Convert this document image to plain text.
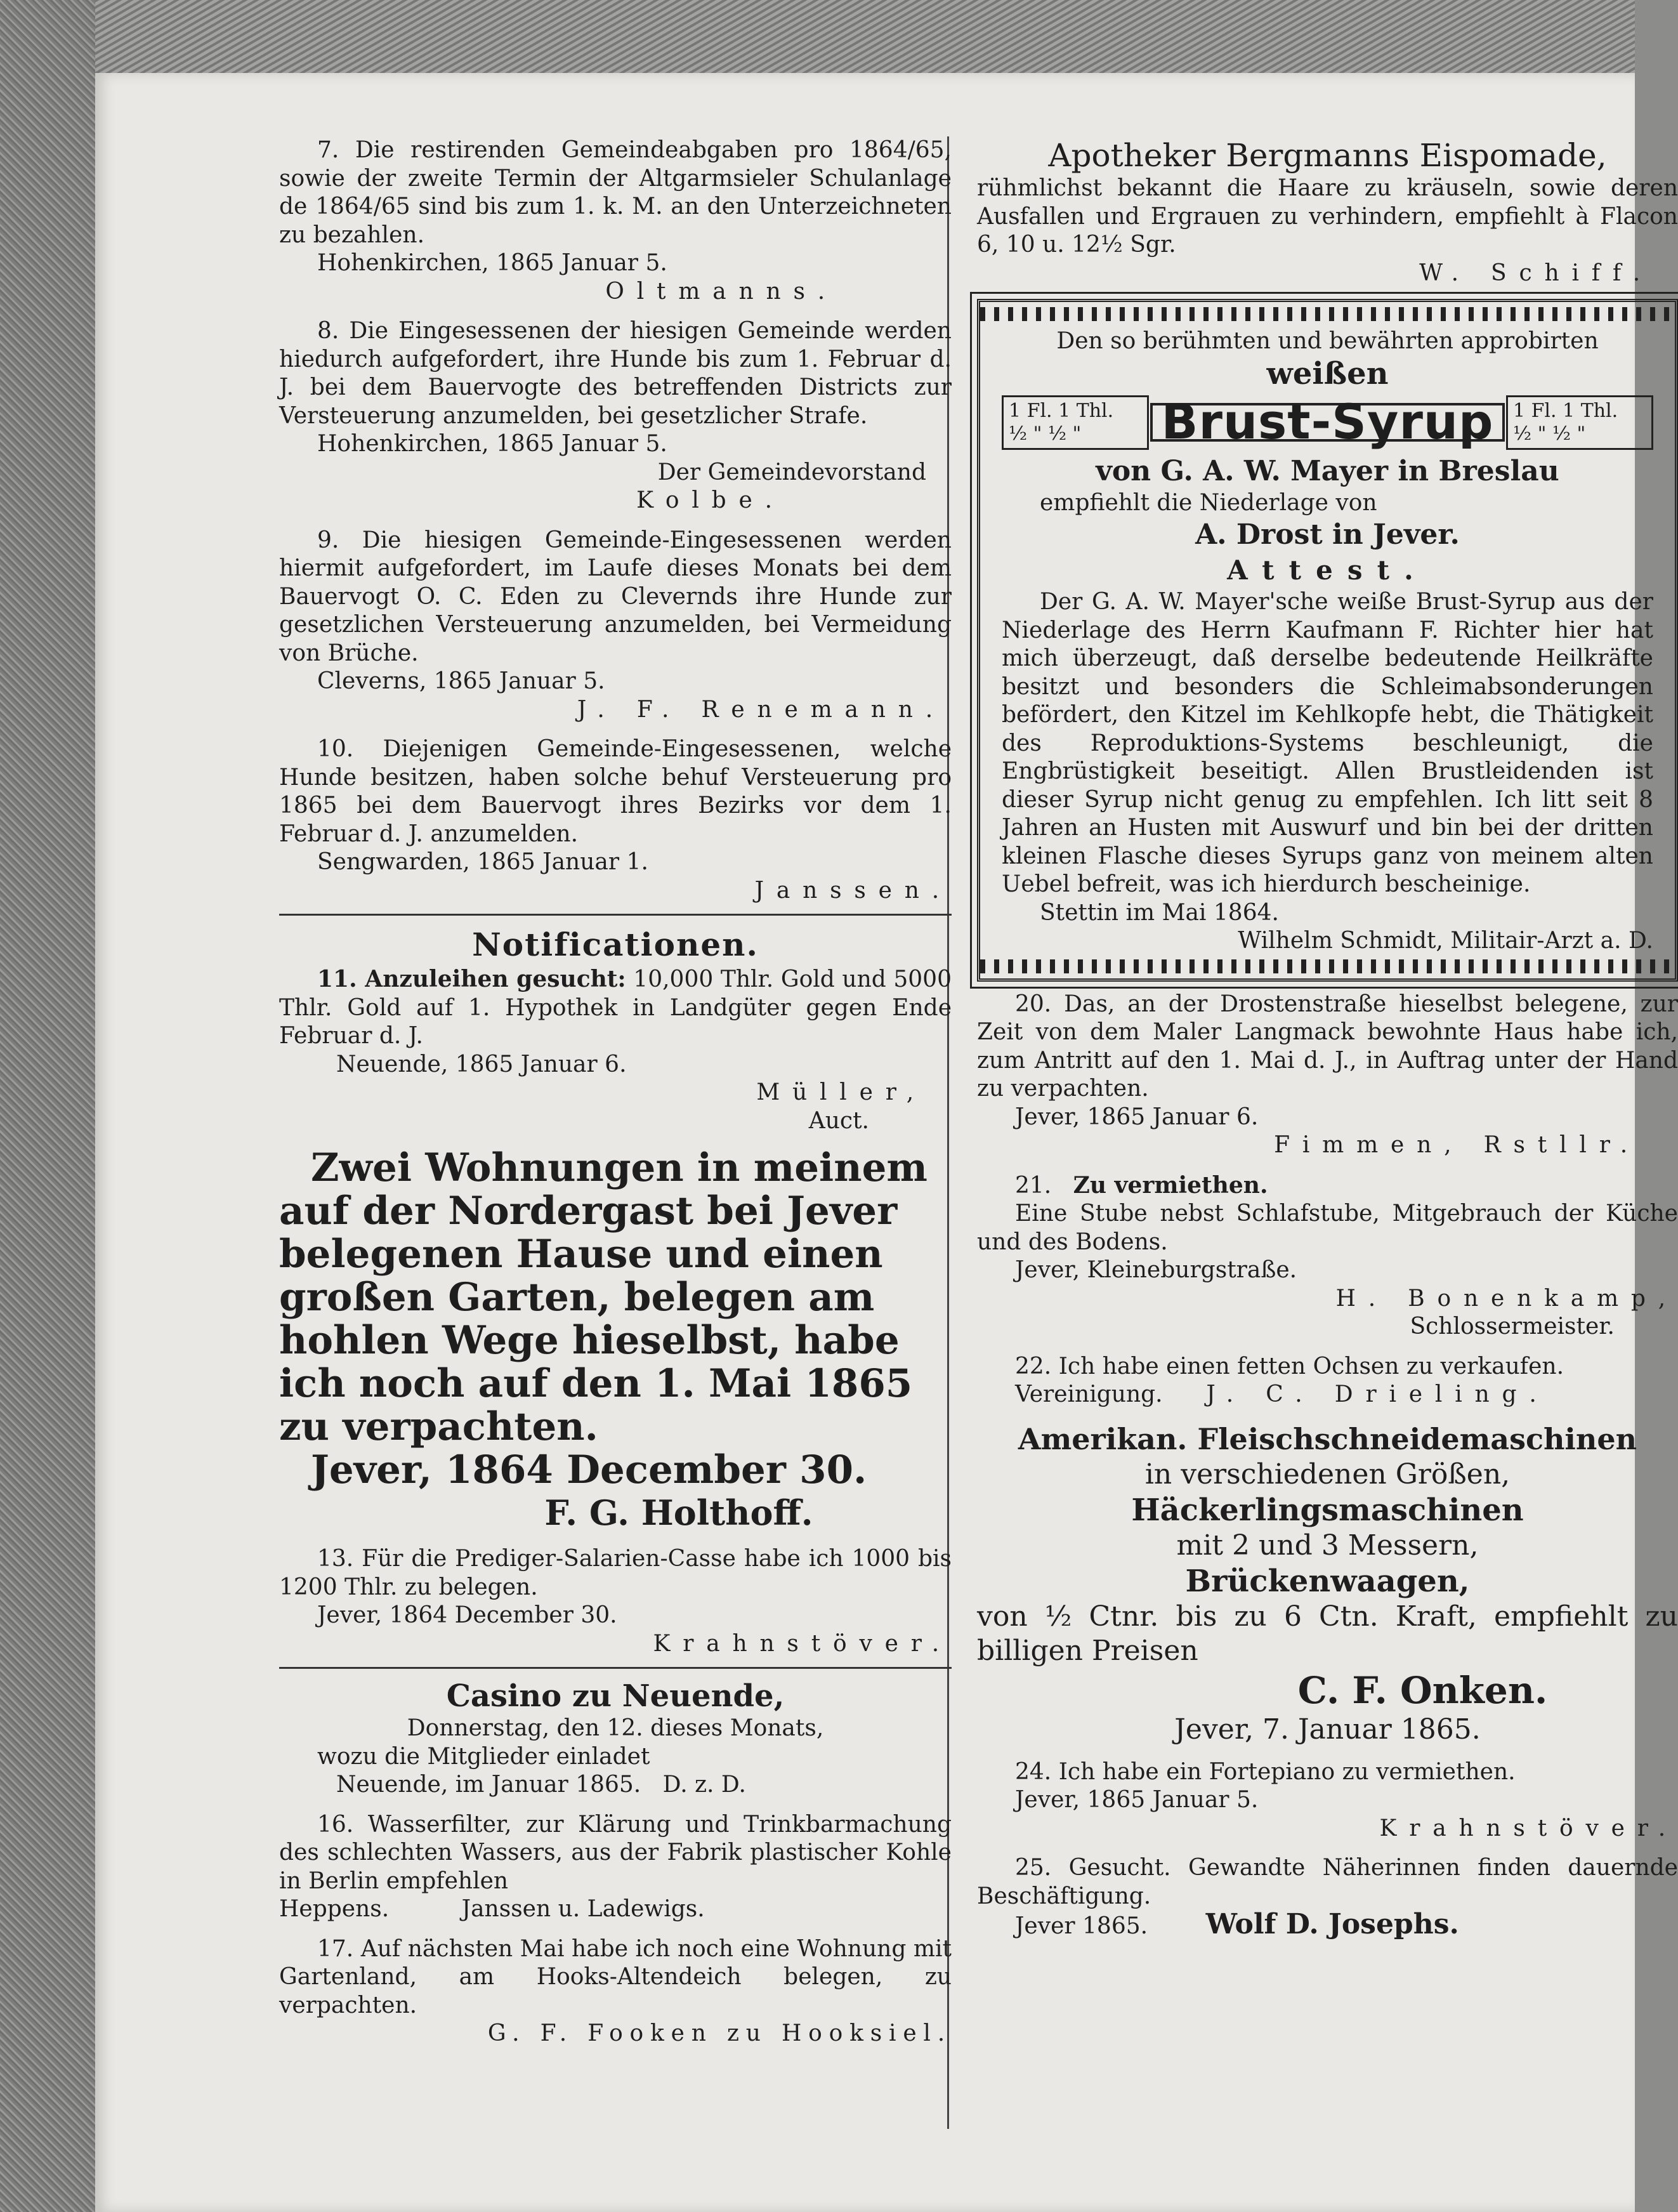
7. Die restirenden Gemeindeabgaben pro 1864/65, sowie der zweite Termin der Altgarmsieler Schulanlage de 1864/65 sind bis zum 1. k. M. an den Unterzeichneten zu bezahlen.

Hohenkirchen, 1865 Januar 5.

Oltmanns.

8. Die Eingesessenen der hiesigen Gemeinde werden hiedurch aufgefordert, ihre Hunde bis zum 1. Februar d. J. bei dem Bauervogte des betreffenden Districts zur Versteuerung anzumelden, bei gesetzlicher Strafe.

Hohenkirchen, 1865 Januar 5.

Der Gemeindevorstand

Kolbe.

9. Die hiesigen Gemeinde-Eingesessenen werden hiermit aufgefordert, im Laufe dieses Monats bei dem Bauervogt O. C. Eden zu Clevernds ihre Hunde zur gesetzlichen Versteuerung anzumelden, bei Vermeidung von Brüche.

Cleverns, 1865 Januar 5.

J. F. Renemann.

10. Diejenigen Gemeinde-Eingesessenen, welche Hunde besitzen, haben solche behuf Versteuerung pro 1865 bei dem Bauervogt ihres Bezirks vor dem 1. Februar d. J. anzumelden.

Sengwarden, 1865 Januar 1.

Janssen.

Notificationen.

11. Anzuleihen gesucht: 10,000 Thlr. Gold und 5000 Thlr. Gold auf 1. Hypothek in Landgüter gegen Ende Februar d. J.

Neuende, 1865 Januar 6.

Müller,

Auct.

Zwei Wohnungen in meinem auf der Nordergast bei Jever belegenen Hause und einen großen Garten, belegen am hohlen Wege hieselbst, habe ich noch auf den 1. Mai 1865 zu verpachten.

Jever, 1864 December 30.

F. G. Holthoff.

13. Für die Prediger-Salarien-Casse habe ich 1000 bis 1200 Thlr. zu belegen.

Jever, 1864 December 30.

Krahnstöver.

Casino zu Neuende,

Donnerstag, den 12. dieses Monats,

wozu die Mitglieder einladet

Neuende, im Januar 1865. D. z. D.

16. Wasserfilter, zur Klärung und Trinkbarmachung des schlechten Wassers, aus der Fabrik plastischer Kohle in Berlin empfehlen

Heppens.	Janssen u. Ladewigs.

17. Auf nächsten Mai habe ich noch eine Wohnung mit Gartenland, am Hooks-Altendeich belegen, zu verpachten.

G. F. Fooken zu Hooksiel.

Apotheker Bergmanns Eispomade,

rühmlichst bekannt die Haare zu kräuseln, sowie deren Ausfallen und Ergrauen zu verhindern, empfiehlt à Flacon 6, 10 u. 12½ Sgr.

W. Schiff.

Den so berühmten und bewährten approbirten

weißen

1 Fl. 1 Thl.
½ " ½ "	Brust-Syrup	1 Fl. 1 Thl.
½ " ½ "

von G. A. W. Mayer in Breslau

empfiehlt die Niederlage von

A. Drost in Jever.

Attest.

Der G. A. W. Mayer'sche weiße Brust-Syrup aus der Niederlage des Herrn Kaufmann F. Richter hier hat mich überzeugt, daß derselbe bedeutende Heilkräfte besitzt und besonders die Schleimabsonderungen befördert, den Kitzel im Kehlkopfe hebt, die Thätigkeit des Reproduktions-Systems beschleunigt, die Engbrüstigkeit beseitigt. Allen Brustleidenden ist dieser Syrup nicht genug zu empfehlen. Ich litt seit 8 Jahren an Husten mit Auswurf und bin bei der dritten kleinen Flasche dieses Syrups ganz von meinem alten Uebel befreit, was ich hierdurch bescheinige.

Stettin im Mai 1864.

Wilhelm Schmidt, Militair-Arzt a. D.

20. Das, an der Drostenstraße hieselbst belegene, zur Zeit von dem Maler Langmack bewohnte Haus habe ich, zum Antritt auf den 1. Mai d. J., in Auftrag unter der Hand zu verpachten.

Jever, 1865 Januar 6.

Fimmen, Rstllr.

21. Zu vermiethen.

Eine Stube nebst Schlafstube, Mitgebrauch der Küche und des Bodens.

Jever, Kleineburgstraße.

H. Bonenkamp,

Schlossermeister.

22. Ich habe einen fetten Ochsen zu verkaufen.

Vereinigung. J. C. Drieling.

Amerikan. Fleischschneidemaschinen

in verschiedenen Größen,

Häckerlingsmaschinen

mit 2 und 3 Messern,

Brückenwaagen,

von ½ Ctnr. bis zu 6 Ctn. Kraft, empfiehlt zu billigen Preisen

C. F. Onken.

Jever, 7. Januar 1865.

24. Ich habe ein Fortepiano zu vermiethen.

Jever, 1865 Januar 5.

Krahnstöver.

25. Gesucht. Gewandte Näherinnen finden dauernde Beschäftigung.

Jever 1865. Wolf D. Josephs.
